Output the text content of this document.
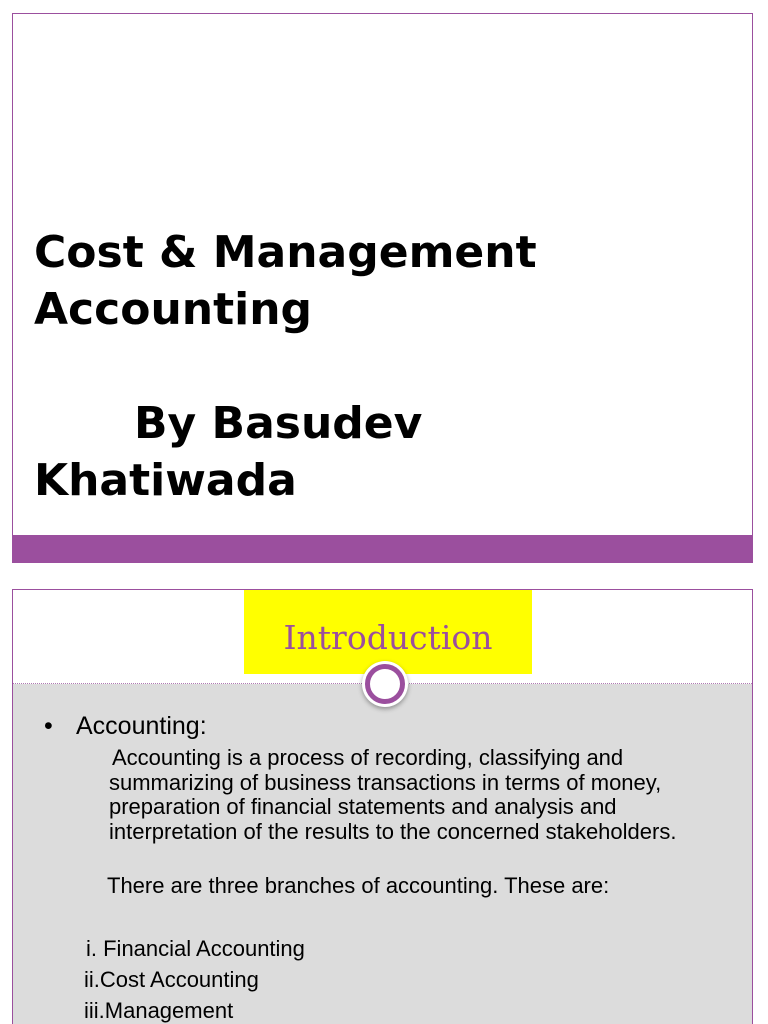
Cost & Management Accounting

By Basudev
Khatiwada

Introduction
• Accounting:

Accounting is a process of recording, classifying and summarizing of business transactions in terms of money, preparation of financial statements and analysis and interpretation of the results to the concerned stakeholders.

There are three branches of accounting. These are:

i. Financial Accounting
ii.Cost Accounting
iii.Management
